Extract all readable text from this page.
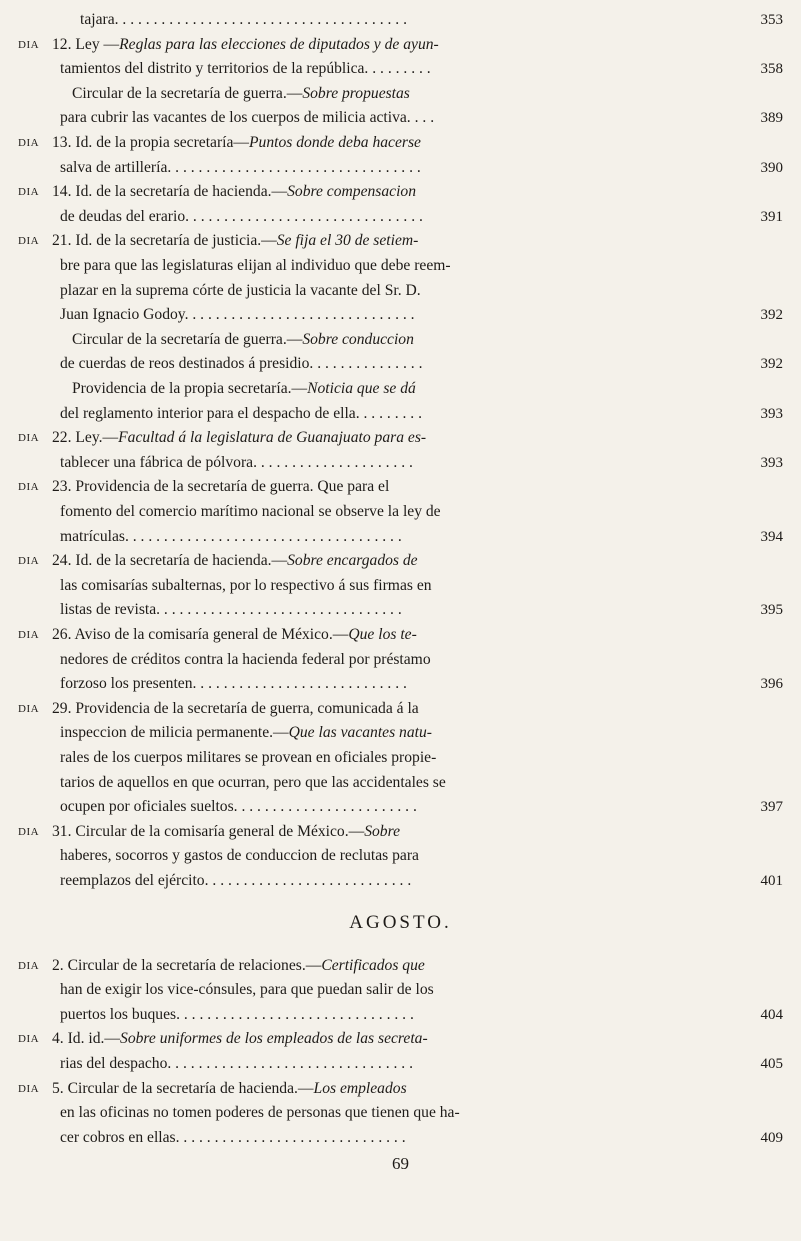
tajara. . . . . . . . . . . . . . . . . . . . . . . . . . . . . . . . . . . . . .	353
DIA 12. Ley —Reglas para las elecciones de diputados y de ayun-
tamientos del distrito y territorios de la república. . . . . . . . .	358
Circular de la secretaría de guerra.—Sobre propuestas
para cubrir las vacantes de los cuerpos de milicia activa. . . .	389
DIA 13. Id. de la propia secretaría—Puntos donde deba hacerse
salva de artillería. . . . . . . . . . . . . . . . . . . . . . . . . . . . . . . . .	390
DIA 14. Id. de la secretaría de hacienda.—Sobre compensacion
de deudas del erario. . . . . . . . . . . . . . . . . . . . . . . . . . . . . . .	391
DIA 21. Id. de la secretaría de justicia.—Se fija el 30 de setiem-
bre para que las legislaturas elijan al individuo que debe reem-
plazar en la suprema córte de justicia la vacante del Sr. D.
Juan Ignacio Godoy. . . . . . . . . . . . . . . . . . . . . . . . . . . . . .	392
Circular de la secretaría de guerra.—Sobre conduccion
de cuerdas de reos destinados á presidio. . . . . . . . . . . . . . .	392
Providencia de la propia secretaría.—Noticia que se dá
del reglamento interior para el despacho de ella. . . . . . . . .	393
DIA 22. Ley.—Facultad á la legislatura de Guanajuato para es-
tablecer una fábrica de pólvora. . . . . . . . . . . . . . . . . . . . .	393
DIA 23. Providencia de la secretaría de guerra. Que para el
fomento del comercio marítimo nacional se observe la ley de
matrículas. . . . . . . . . . . . . . . . . . . . . . . . . . . . . . . . . . . .	394
DIA 24. Id. de la secretaría de hacienda.—Sobre encargados de
las comisarías subalternas, por lo respectivo á sus firmas en
listas de revista. . . . . . . . . . . . . . . . . . . . . . . . . . . . . . . .	395
DIA 26. Aviso de la comisaría general de México.—Que los te-
nedores de créditos contra la hacienda federal por préstamo
forzoso los presenten. . . . . . . . . . . . . . . . . . . . . . . . . . . .	396
DIA 29. Providencia de la secretaría de guerra, comunicada á la
inspeccion de milicia permanente.—Que las vacantes natu-
rales de los cuerpos militares se provean en oficiales propie-
tarios de aquellos en que ocurran, pero que las accidentales se
ocupen por oficiales sueltos. . . . . . . . . . . . . . . . . . . . . . . .	397
DIA 31. Circular de la comisaría general de México.—Sobre
haberes, socorros y gastos de conduccion de reclutas para
reemplazos del ejército. . . . . . . . . . . . . . . . . . . . . . . . . . .	401
AGOSTO.
DIA 2. Circular de la secretaría de relaciones.—Certificados que
han de exigir los vice-cónsules, para que puedan salir de los
puertos los buques. . . . . . . . . . . . . . . . . . . . . . . . . . . . . . .	404
DIA 4. Id. id.—Sobre uniformes de los empleados de las secreta-
rias del despacho. . . . . . . . . . . . . . . . . . . . . . . . . . . . . . . .	405
DIA 5. Circular de la secretaría de hacienda.—Los empleados
en las oficinas no tomen poderes de personas que tienen que ha-
cer cobros en ellas. . . . . . . . . . . . . . . . . . . . . . . . . . . . . .	409
69
